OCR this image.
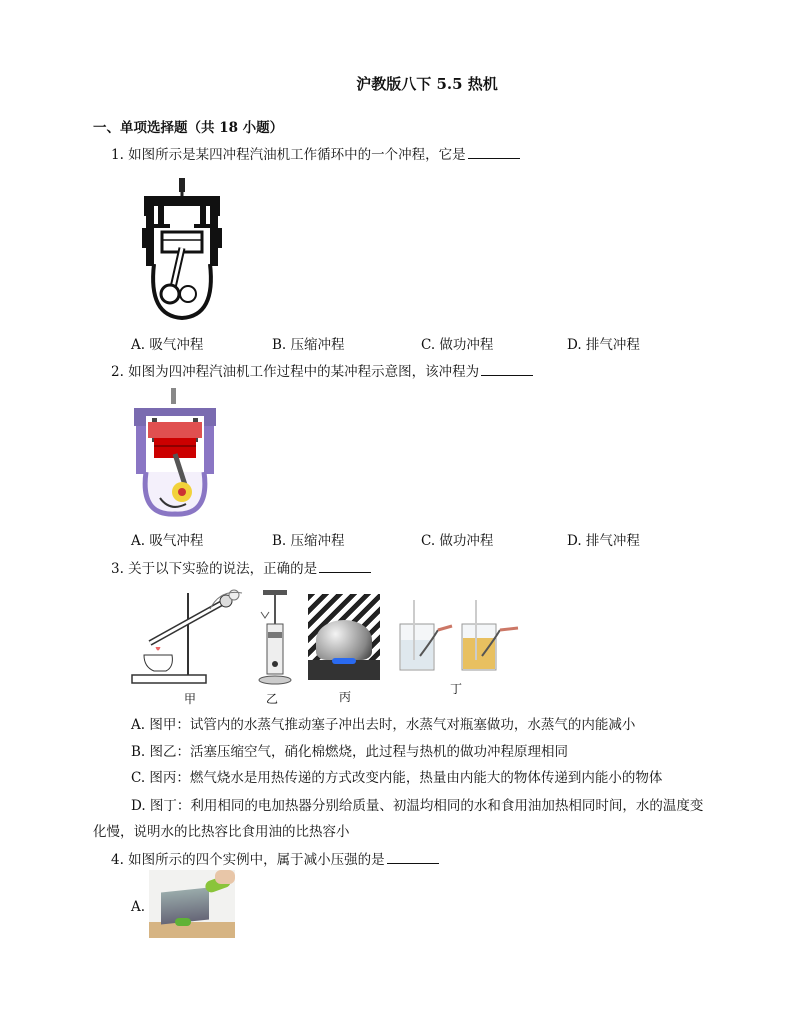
沪教版八下 5.5 热机
一、单项选择题（共 18 小题）
1. 如图所示是某四冲程汽油机工作循环中的一个冲程，它是
A. 吸气冲程	B. 压缩冲程	C. 做功冲程	D. 排气冲程
2. 如图为四冲程汽油机工作过程中的某冲程示意图，该冲程为
A. 吸气冲程	B. 压缩冲程	C. 做功冲程	D. 排气冲程
3. 关于以下实验的说法，正确的是
甲	乙	丙
丁
A. 图甲：试管内的水蒸气推动塞子冲出去时，水蒸气对瓶塞做功，水蒸气的内能减小
B. 图乙：活塞压缩空气，硝化棉燃烧，此过程与热机的做功冲程原理相同
C. 图丙：燃气烧水是用热传递的方式改变内能，热量由内能大的物体传递到内能小的物体
D. 图丁：利用相同的电加热器分别给质量、初温均相同的水和食用油加热相同时间，水的温度变化慢，说明水的比热容比食用油的比热容小
4. 如图所示的四个实例中，属于减小压强的是
A.
